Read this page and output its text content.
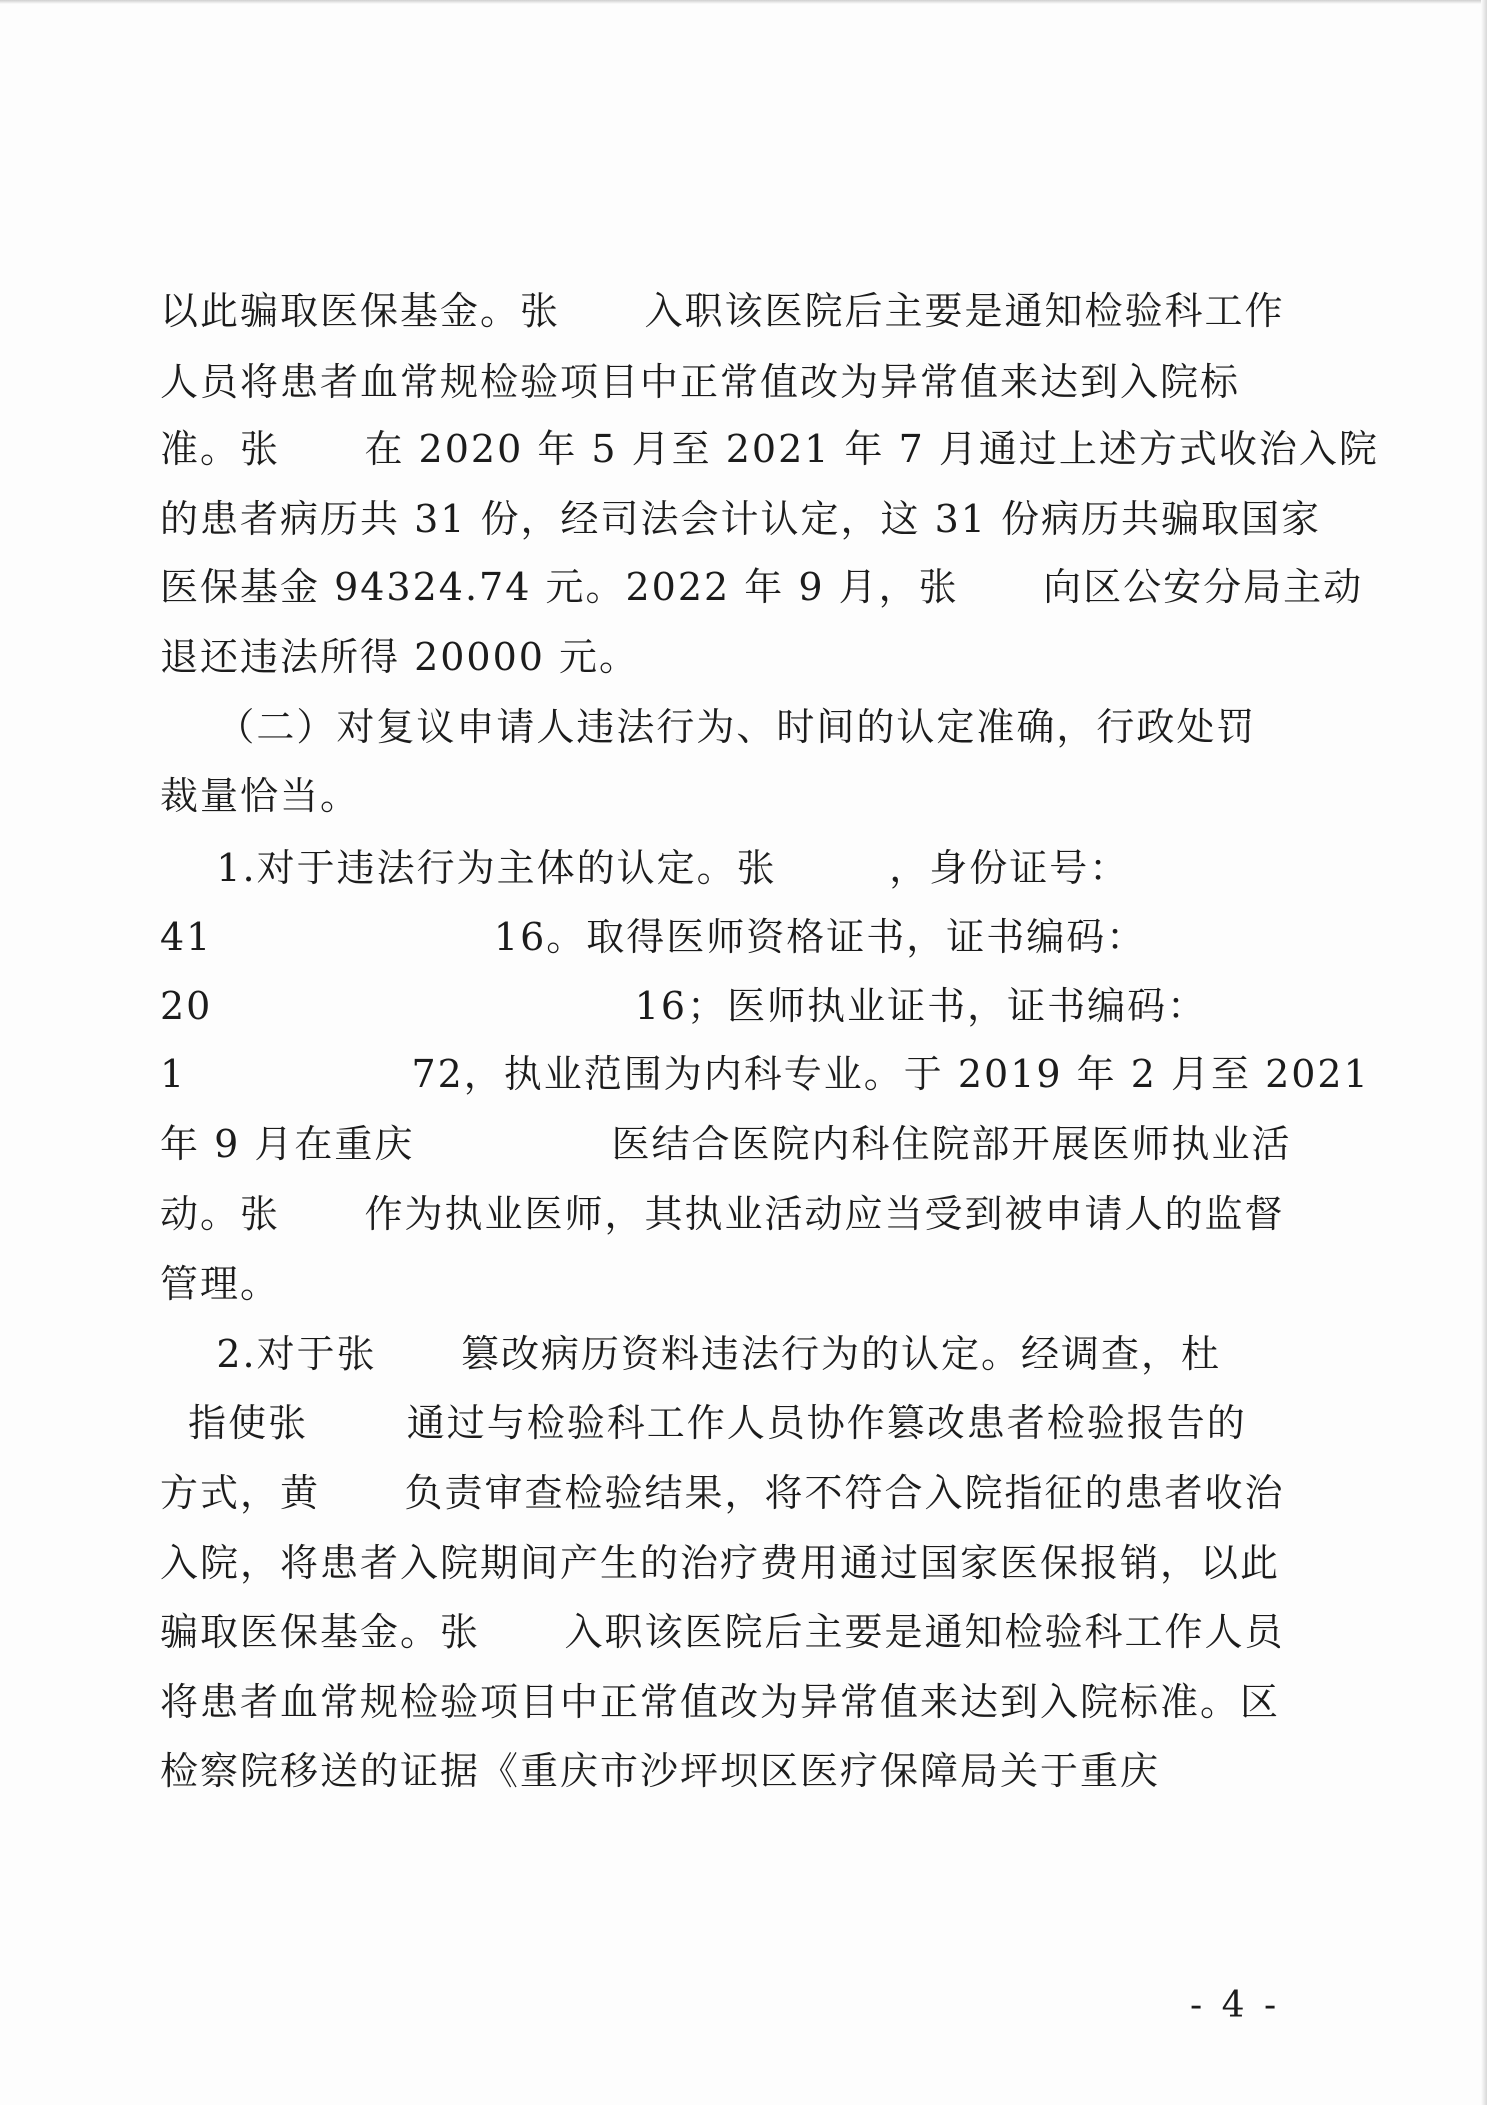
以此骗取医保基金。张      入职该医院后主要是通知检验科工作
人员将患者血常规检验项目中正常值改为异常值来达到入院标
准。张      在 2020 年 5 月至 2021 年 7 月通过上述方式收治入院
的患者病历共 31 份，经司法会计认定，这 31 份病历共骗取国家
医保基金 94324.74 元。2022 年 9 月，张      向区公安分局主动
退还违法所得 20000 元。
（二）对复议申请人违法行为、时间的认定准确，行政处罚
裁量恰当。
1.对于违法行为主体的认定。张        ，身份证号：
41                    16。取得医师资格证书，证书编码：
20                              16；医师执业证书，证书编码：
1                72，执业范围为内科专业。于 2019 年 2 月至 2021
年 9 月在重庆              医结合医院内科住院部开展医师执业活
动。张      作为执业医师，其执业活动应当受到被申请人的监督
管理。
2.对于张      篡改病历资料违法行为的认定。经调查，杜
指使张       通过与检验科工作人员协作篡改患者检验报告的
方式，黄      负责审查检验结果，将不符合入院指征的患者收治
入院，将患者入院期间产生的治疗费用通过国家医保报销，以此
骗取医保基金。张      入职该医院后主要是通知检验科工作人员
将患者血常规检验项目中正常值改为异常值来达到入院标准。区
检察院移送的证据《重庆市沙坪坝区医疗保障局关于重庆
- 4 -
